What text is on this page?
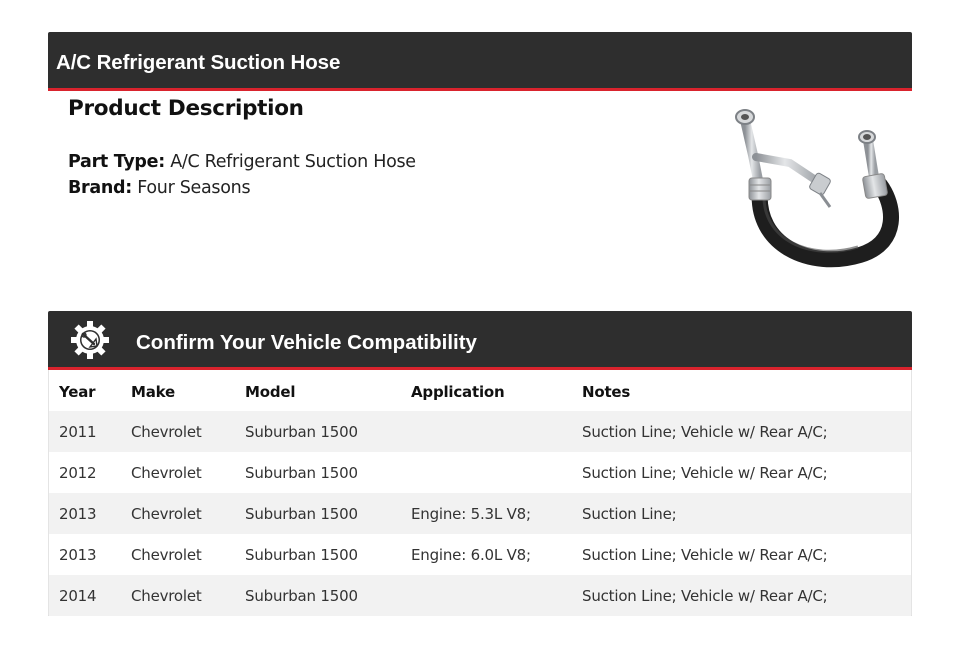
A/C Refrigerant Suction Hose
Product Description
Part Type: A/C Refrigerant Suction Hose
Brand: Four Seasons
Confirm Your Vehicle Compatibility
Year	Make	Model	Application	Notes
2011	Chevrolet	Suburban 1500		Suction Line; Vehicle w/ Rear A/C;
2012	Chevrolet	Suburban 1500		Suction Line; Vehicle w/ Rear A/C;
2013	Chevrolet	Suburban 1500	Engine: 5.3L V8;	Suction Line;
2013	Chevrolet	Suburban 1500	Engine: 6.0L V8;	Suction Line; Vehicle w/ Rear A/C;
2014	Chevrolet	Suburban 1500		Suction Line; Vehicle w/ Rear A/C;
